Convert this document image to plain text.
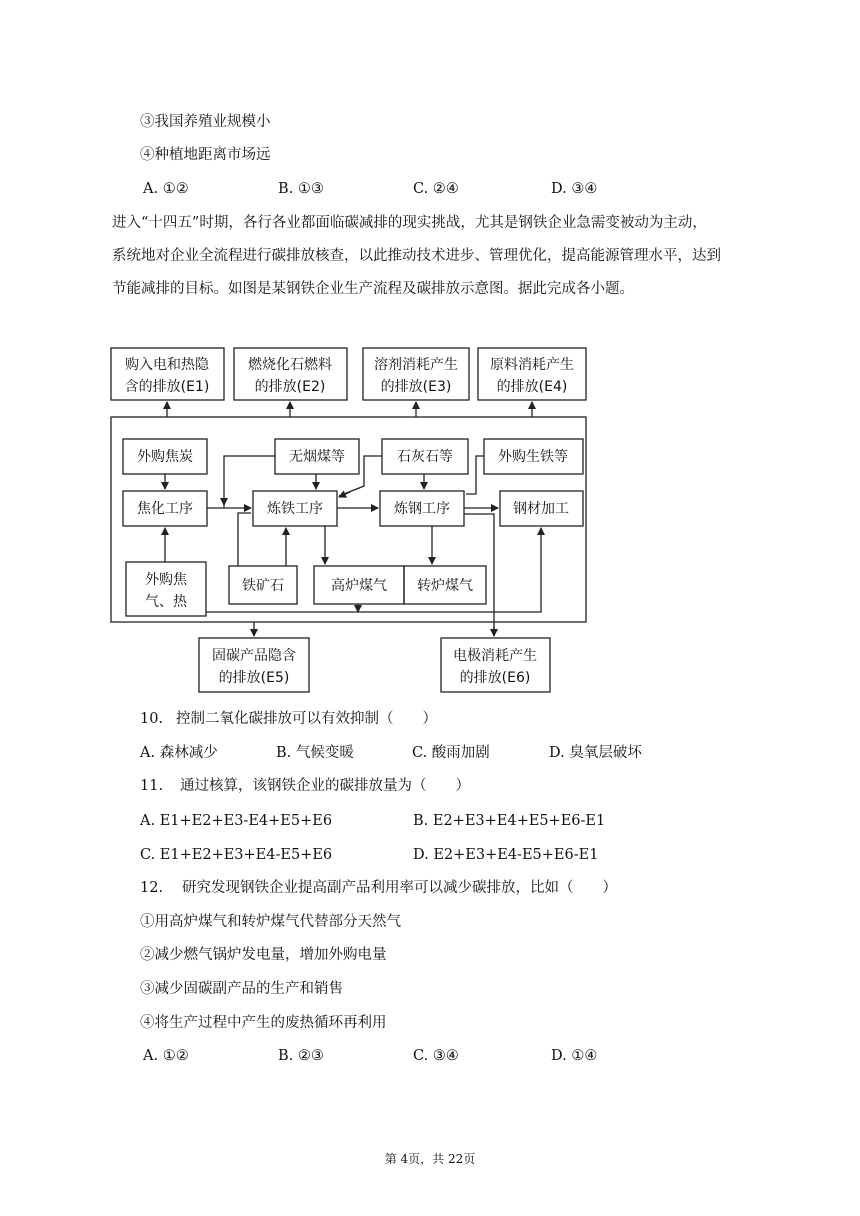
③我国养殖业规模小
④种植地距离市场远
A. ①②	B. ①③	C. ②④	D. ③④
进入“十四五”时期，各行各业都面临碳减排的现实挑战，尤其是钢铁企业急需变被动为主动，
系统地对企业全流程进行碳排放核查，以此推动技术进步、管理优化，提高能源管理水平，达到
节能减排的目标。如图是某钢铁企业生产流程及碳排放示意图。据此完成各小题。
购入电和热隐
含的排放(E1)
燃烧化石燃料
的排放(E2)
溶剂消耗产生
的排放(E3)
原料消耗产生
的排放(E4)
外购焦炭	无烟煤等	石灰石等	外购生铁等
焦化工序	炼铁工序	炼钢工序	钢材加工
外购焦
气、热
铁矿石	高炉煤气 转炉煤气
固碳产品隐含
的排放(E5)
电极消耗产生
的排放(E6)
10. 控制二氧化碳排放可以有效抑制（　　）
A. 森林减少	B. 气候变暖	C. 酸雨加剧	D. 臭氧层破坏
11. 通过核算，该钢铁企业的碳排放量为（　　）
A. E1+E2+E3-E4+E5+E6	B. E2+E3+E4+E5+E6-E1
C. E1+E2+E3+E4-E5+E6	D. E2+E3+E4-E5+E6-E1
12. 研究发现钢铁企业提高副产品利用率可以减少碳排放，比如（　　）
①用高炉煤气和转炉煤气代替部分天然气
②减少燃气锅炉发电量，增加外购电量
③减少固碳副产品的生产和销售
④将生产过程中产生的废热循环再利用
A. ①②	B. ②③	C. ③④	D. ①④
第 4页，共 22页
